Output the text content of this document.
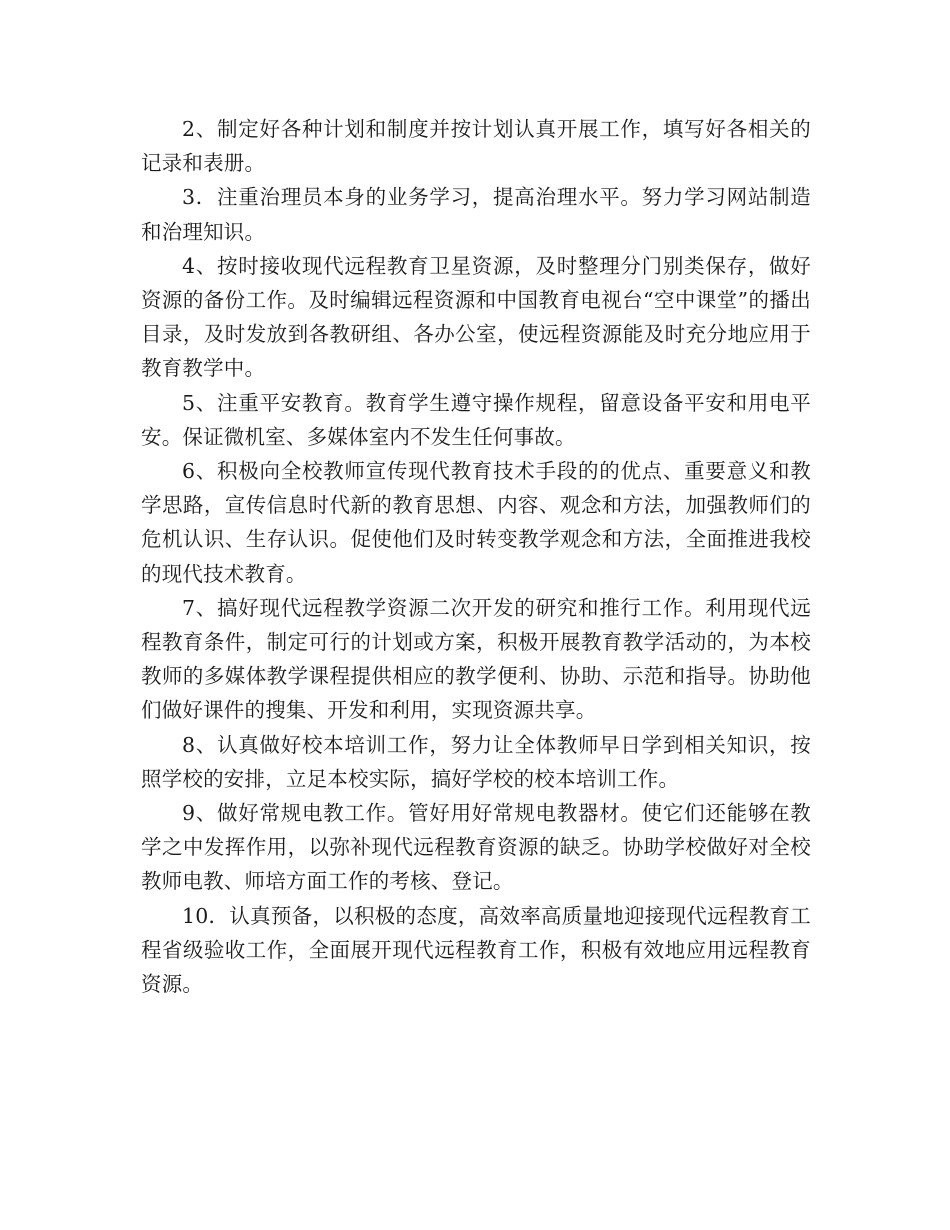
2、制定好各种计划和制度并按计划认真开展工作，填写好各相关的记录和表册。

3．注重治理员本身的业务学习，提高治理水平。努力学习网站制造和治理知识。

4、按时接收现代远程教育卫星资源，及时整理分门别类保存，做好资源的备份工作。及时编辑远程资源和中国教育电视台“空中课堂”的播出目录，及时发放到各教研组、各办公室，使远程资源能及时充分地应用于教育教学中。

5、注重平安教育。教育学生遵守操作规程，留意设备平安和用电平安。保证微机室、多媒体室内不发生任何事故。

6、积极向全校教师宣传现代教育技术手段的的优点、重要意义和教学思路，宣传信息时代新的教育思想、内容、观念和方法，加强教师们的危机认识、生存认识。促使他们及时转变教学观念和方法，全面推进我校的现代技术教育。

7、搞好现代远程教学资源二次开发的研究和推行工作。利用现代远程教育条件，制定可行的计划或方案，积极开展教育教学活动的，为本校教师的多媒体教学课程提供相应的教学便利、协助、示范和指导。协助他们做好课件的搜集、开发和利用，实现资源共享。

8、认真做好校本培训工作，努力让全体教师早日学到相关知识，按照学校的安排，立足本校实际，搞好学校的校本培训工作。

9、做好常规电教工作。管好用好常规电教器材。使它们还能够在教学之中发挥作用，以弥补现代远程教育资源的缺乏。协助学校做好对全校教师电教、师培方面工作的考核、登记。

10．认真预备，以积极的态度，高效率高质量地迎接现代远程教育工程省级验收工作，全面展开现代远程教育工作，积极有效地应用远程教育资源。
